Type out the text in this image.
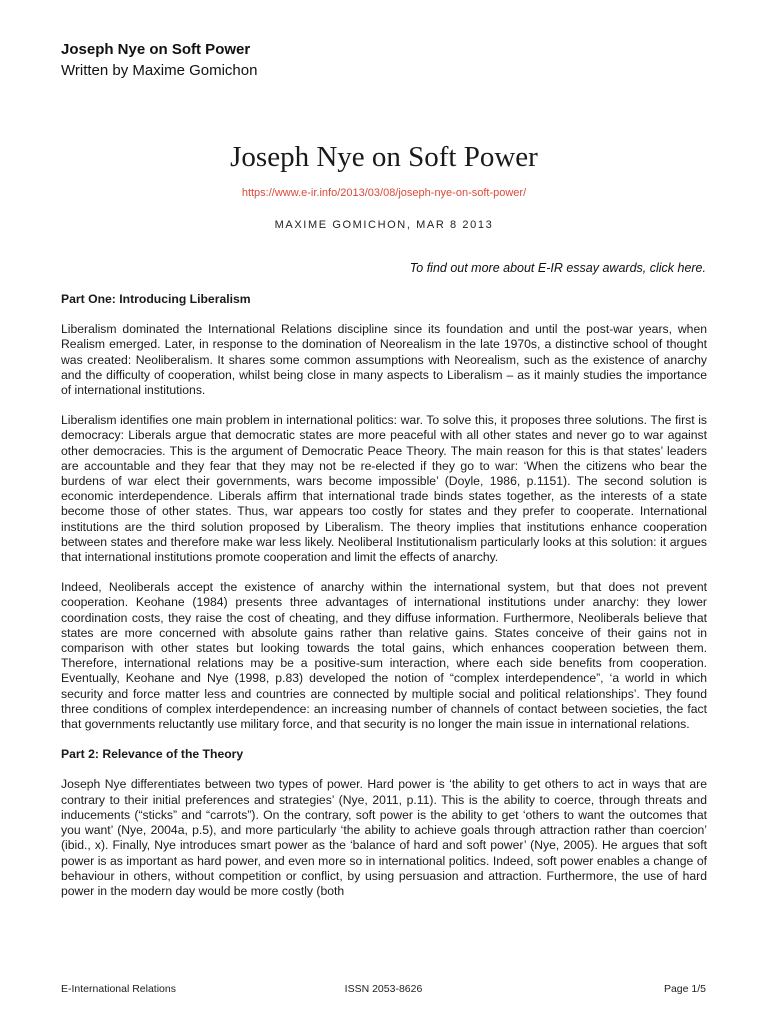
Joseph Nye on Soft Power
Written by Maxime Gomichon
Joseph Nye on Soft Power
https://www.e-ir.info/2013/03/08/joseph-nye-on-soft-power/
MAXIME GOMICHON, MAR 8 2013
To find out more about E-IR essay awards, click here.
Part One: Introducing Liberalism

Liberalism dominated the International Relations discipline since its foundation and until the post-war years, when Realism emerged. Later, in response to the domination of Neorealism in the late 1970s, a distinctive school of thought was created: Neoliberalism. It shares some common assumptions with Neorealism, such as the existence of anarchy and the difficulty of cooperation, whilst being close in many aspects to Liberalism – as it mainly studies the importance of international institutions.

Liberalism identifies one main problem in international politics: war. To solve this, it proposes three solutions. The first is democracy: Liberals argue that democratic states are more peaceful with all other states and never go to war against other democracies. This is the argument of Democratic Peace Theory. The main reason for this is that states’ leaders are accountable and they fear that they may not be re-elected if they go to war: ‘When the citizens who bear the burdens of war elect their governments, wars become impossible’ (Doyle, 1986, p.1151). The second solution is economic interdependence. Liberals affirm that international trade binds states together, as the interests of a state become those of other states. Thus, war appears too costly for states and they prefer to cooperate. International institutions are the third solution proposed by Liberalism. The theory implies that institutions enhance cooperation between states and therefore make war less likely. Neoliberal Institutionalism particularly looks at this solution: it argues that international institutions promote cooperation and limit the effects of anarchy.

Indeed, Neoliberals accept the existence of anarchy within the international system, but that does not prevent cooperation. Keohane (1984) presents three advantages of international institutions under anarchy: they lower coordination costs, they raise the cost of cheating, and they diffuse information. Furthermore, Neoliberals believe that states are more concerned with absolute gains rather than relative gains. States conceive of their gains not in comparison with other states but looking towards the total gains, which enhances cooperation between them. Therefore, international relations may be a positive-sum interaction, where each side benefits from cooperation. Eventually, Keohane and Nye (1998, p.83) developed the notion of “complex interdependence”, ‘a world in which security and force matter less and countries are connected by multiple social and political relationships’. They found three conditions of complex interdependence: an increasing number of channels of contact between societies, the fact that governments reluctantly use military force, and that security is no longer the main issue in international relations.

Part 2: Relevance of the Theory

Joseph Nye differentiates between two types of power. Hard power is ‘the ability to get others to act in ways that are contrary to their initial preferences and strategies’ (Nye, 2011, p.11). This is the ability to coerce, through threats and inducements (“sticks” and “carrots”). On the contrary, soft power is the ability to get ‘others to want the outcomes that you want’ (Nye, 2004a, p.5), and more particularly ‘the ability to achieve goals through attraction rather than coercion’ (ibid., x). Finally, Nye introduces smart power as the ‘balance of hard and soft power’ (Nye, 2005). He argues that soft power is as important as hard power, and even more so in international politics. Indeed, soft power enables a change of behaviour in others, without competition or conflict, by using persuasion and attraction. Furthermore, the use of hard power in the modern day would be more costly (both

E-International Relations	ISSN 2053-8626	Page 1/5
